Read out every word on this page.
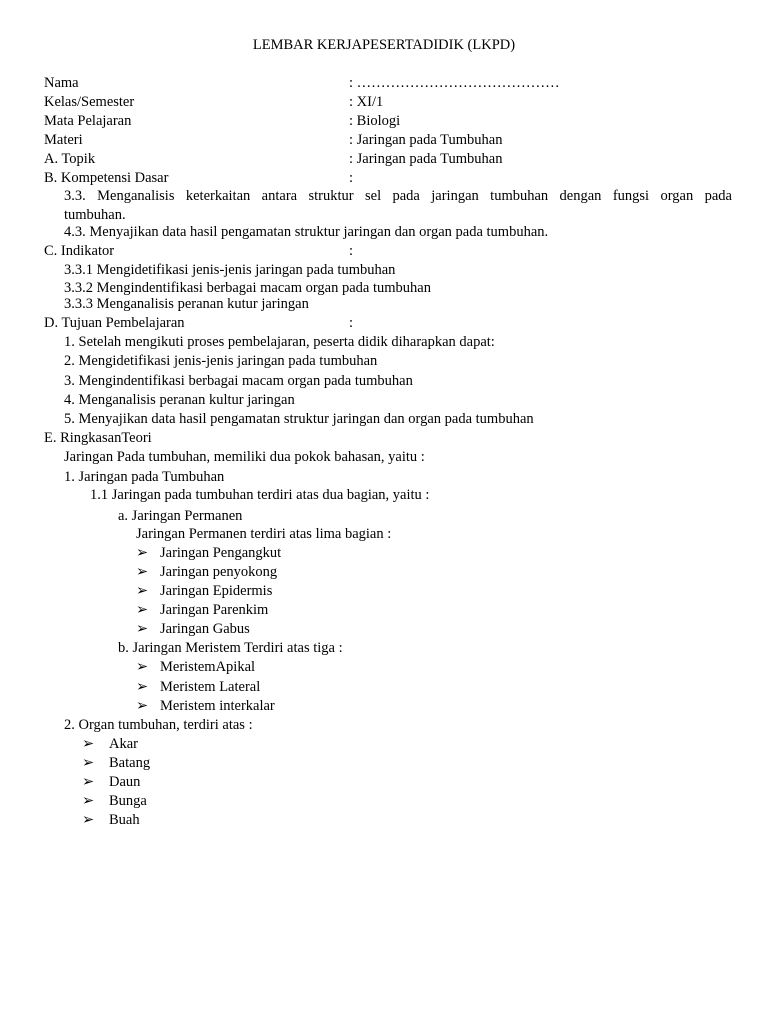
LEMBAR KERJAPESERTADIDIK (LKPD)
Nama	: ……………………………………
Kelas/Semester	: XI/1
Mata Pelajaran	: Biologi
Materi	: Jaringan pada Tumbuhan
A. Topik	: Jaringan pada Tumbuhan
B. Kompetensi Dasar	:
3.3. Menganalisis keterkaitan antara struktur sel pada jaringan tumbuhan dengan fungsi organ pada
tumbuhan.
4.3. Menyajikan data hasil pengamatan struktur jaringan dan organ pada tumbuhan.
C. Indikator	:
3.3.1 Mengidetifikasi jenis-jenis jaringan pada tumbuhan
3.3.2 Mengindentifikasi berbagai macam organ pada tumbuhan
3.3.3 Menganalisis peranan kutur jaringan
D. Tujuan Pembelajaran	:
1. Setelah mengikuti proses pembelajaran, peserta didik diharapkan dapat:
2. Mengidetifikasi jenis-jenis jaringan pada tumbuhan
3. Mengindentifikasi berbagai macam organ pada tumbuhan
4. Menganalisis peranan kultur jaringan
5. Menyajikan data hasil pengamatan struktur jaringan dan organ pada tumbuhan
E. RingkasanTeori
Jaringan Pada tumbuhan, memiliki dua pokok bahasan, yaitu :
1. Jaringan pada Tumbuhan
1.1 Jaringan pada tumbuhan terdiri atas dua bagian, yaitu :
a. Jaringan Permanen
Jaringan Permanen terdiri atas lima bagian :
➢ Jaringan Pengangkut
➢ Jaringan penyokong
➢ Jaringan Epidermis
➢ Jaringan Parenkim
➢ Jaringan Gabus
b. Jaringan Meristem Terdiri atas tiga :
➢ MeristemApikal
➢ Meristem Lateral
➢ Meristem interkalar
2. Organ tumbuhan, terdiri atas :
➢ Akar
➢ Batang
➢ Daun
➢ Bunga
➢ Buah
